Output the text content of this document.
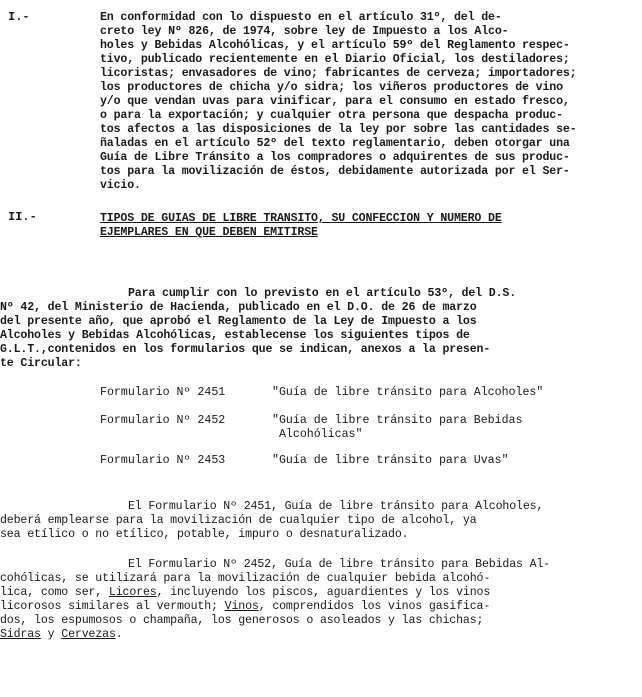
I.-	En conformidad con lo dispuesto en el artículo 31º, del de-
creto ley Nº 826, de 1974, sobre ley de Impuesto a los Alco-
holes y Bebidas Alcohólicas, y el artículo 59º del Reglamento respec-
tivo, publicado recientemente en el Diario Oficial, los destiladores;
licoristas; envasadores de vino; fabricantes de cerveza; importadores;
los productores de chicha y/o sidra; los viñeros productores de vino
y/o que vendan uvas para vinificar, para el consumo en estado fresco,
o para la exportación; y cualquier otra persona que despacha produc-
tos afectos a las disposiciones de la ley por sobre las cantidades se-
ñaladas en el artículo 52º del texto reglamentario, deben otorgar una
Guía de Libre Tránsito a los compradores o adquirentes de sus produc-
tos para la movilización de éstos, debidamente autorizada por el Ser-
vicio.
II.-	TIPOS DE GUIAS DE LIBRE TRANSITO, SU CONFECCION Y NUMERO DE
EJEMPLARES EN QUE DEBEN EMITIRSE
Para cumplir con lo previsto en el artículo 53º, del D.S.
Nº 42, del Ministerio de Hacienda, publicado en el D.O. de 26 de marzo
del presente año, que aprobó el Reglamento de la Ley de Impuesto a los
Alcoholes y Bebidas Alcohólicas, establecense los siguientes tipos de
G.L.T.,contenidos en los formularios que se indican, anexos a la presen-
te Circular:
Formulario Nº 2451	"Guía de libre tránsito para Alcoholes"
Formulario Nº 2452	"Guía de libre tránsito para Bebidas
Alcohólicas"
Formulario Nº 2453	"Guía de libre tránsito para Uvas"
El Formulario Nº 2451, Guía de libre tránsito para Alcoholes,
deberá emplearse para la movilización de cualquier tipo de alcohol, ya
sea etílico o no etílico, potable, impuro o desnaturalizado.
El Formulario Nº 2452, Guía de libre tránsito para Bebidas Al-
cohólicas, se utilizará para la movilización de cualquier bebida alcohó-
lica, como ser, Licores, incluyendo los piscos, aguardientes y los vinos
licorosos similares al vermouth; Vinos, comprendidos los vinos gasifica-
dos, los espumosos o champaña, los generosos o asoleados y las chichas;
Sidras y Cervezas.
